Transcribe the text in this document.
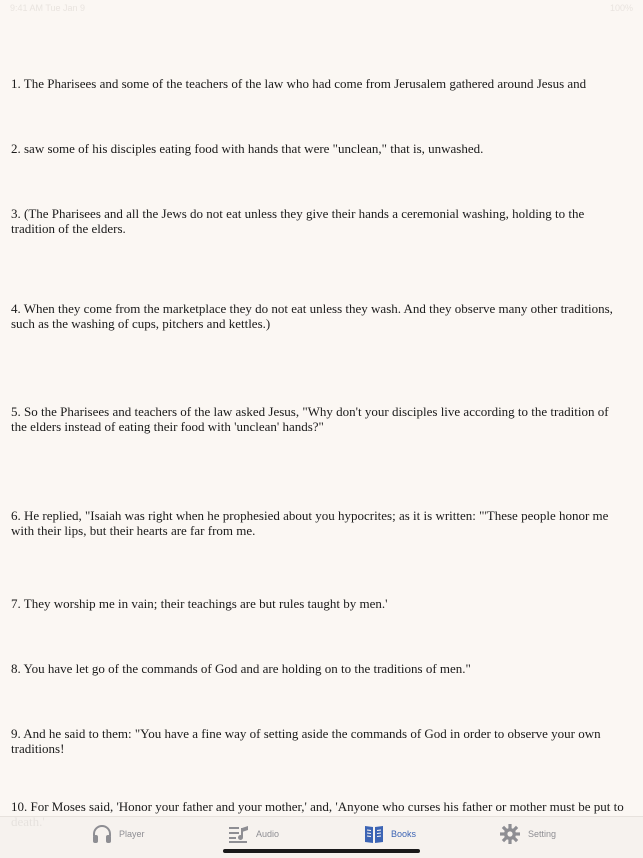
9:41 AM Tue Jan 9	100%

1. The Pharisees and some of the teachers of the law who had come from Jerusalem gathered around Jesus and

2. saw some of his disciples eating food with hands that were "unclean," that is, unwashed.

3. (The Pharisees and all the Jews do not eat unless they give their hands a ceremonial washing, holding to the tradition of the elders.

4. When they come from the marketplace they do not eat unless they wash. And they observe many other traditions, such as the washing of cups, pitchers and kettles.)

5. So the Pharisees and teachers of the law asked Jesus, "Why don't your disciples live according to the tradition of the elders instead of eating their food with 'unclean' hands?"

6. He replied, "Isaiah was right when he prophesied about you hypocrites; as it is written: "'These people honor me with their lips, but their hearts are far from me.

7. They worship me in vain; their teachings are but rules taught by men.'

8. You have let go of the commands of God and are holding on to the traditions of men."

9. And he said to them: "You have a fine way of setting aside the commands of God in order to observe your own traditions!

10. For Moses said, 'Honor your father and your mother,' and, 'Anyone who curses his father or mother must be put to

Player	Audio	Books	Setting
